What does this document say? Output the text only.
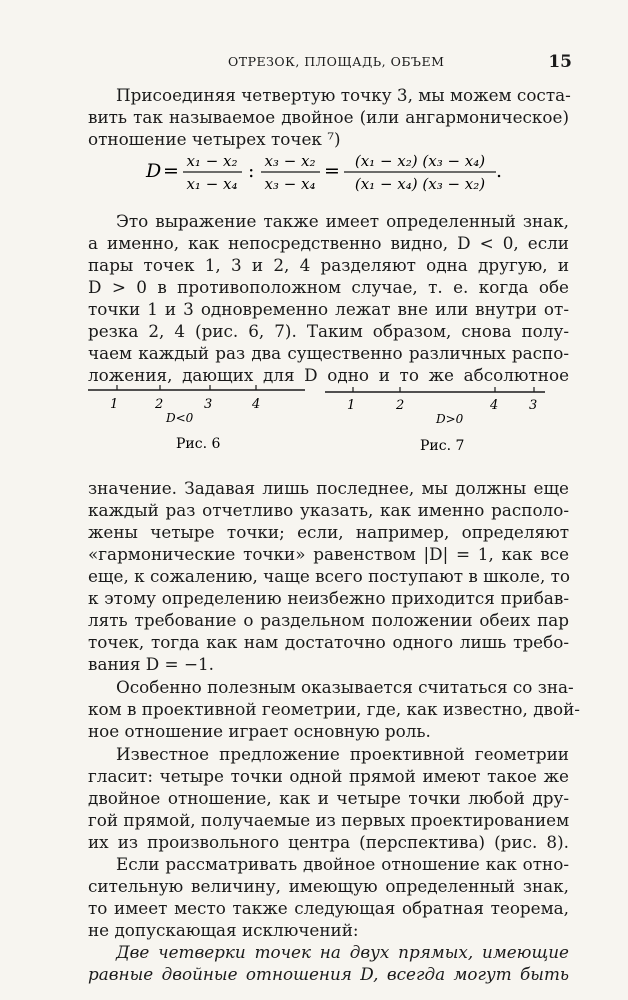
ОТРЕЗОК, ПЛОЩАДЬ, ОБЪЕМ	15
Присоединяя четвертую точку 3, мы можем соста-
вить так называемое двойное (или ангармоническое)
отношение четырех точек ⁷)
D = x₁ − x₂
x₁ − x₄
: x₃ − x₂
x₃ − x₄
= (x₁ − x₂) (x₃ − x₄)
(x₁ − x₄) (x₃ − x₂)
.
Это выражение также имеет определенный знак,
а именно, как непосредственно видно, D < 0, если
пары точек 1, 3 и 2, 4 разделяют одна другую, и
D > 0 в противоположном случае, т. е. когда обе
точки 1 и 3 одновременно лежат вне или внутри от-
резка 2, 4 (рис. 6, 7). Таким образом, снова полу-
чаем каждый раз два существенно различных распо-
ложения, дающих для D одно и то же абсолютное
1	2	3	4
D<0
Рис. 6
1	2	4 3
D>0
Рис. 7
значение. Задавая лишь последнее, мы должны еще
каждый раз отчетливо указать, как именно располо-
жены четыре точки; если, например, определяют
«гармонические точки» равенством |D| = 1, как все
еще, к сожалению, чаще всего поступают в школе, то
к этому определению неизбежно приходится прибав-
лять требование о раздельном положении обеих пар
точек, тогда как нам достаточно одного лишь требо-
вания D = −1.
Особенно полезным оказывается считаться со зна-
ком в проективной геометрии, где, как известно, двой-
ное отношение играет основную роль.
Известное предложение проективной геометрии
гласит: четыре точки одной прямой имеют такое же
двойное отношение, как и четыре точки любой дру-
гой прямой, получаемые из первых проектированием
их из произвольного центра (перспектива) (рис. 8).
Если рассматривать двойное отношение как отно-
сительную величину, имеющую определенный знак,
то имеет место также следующая обратная теорема,
не допускающая исключений:
Две четверки точек на двух прямых, имеющие
равные двойные отношения D, всегда могут быть
